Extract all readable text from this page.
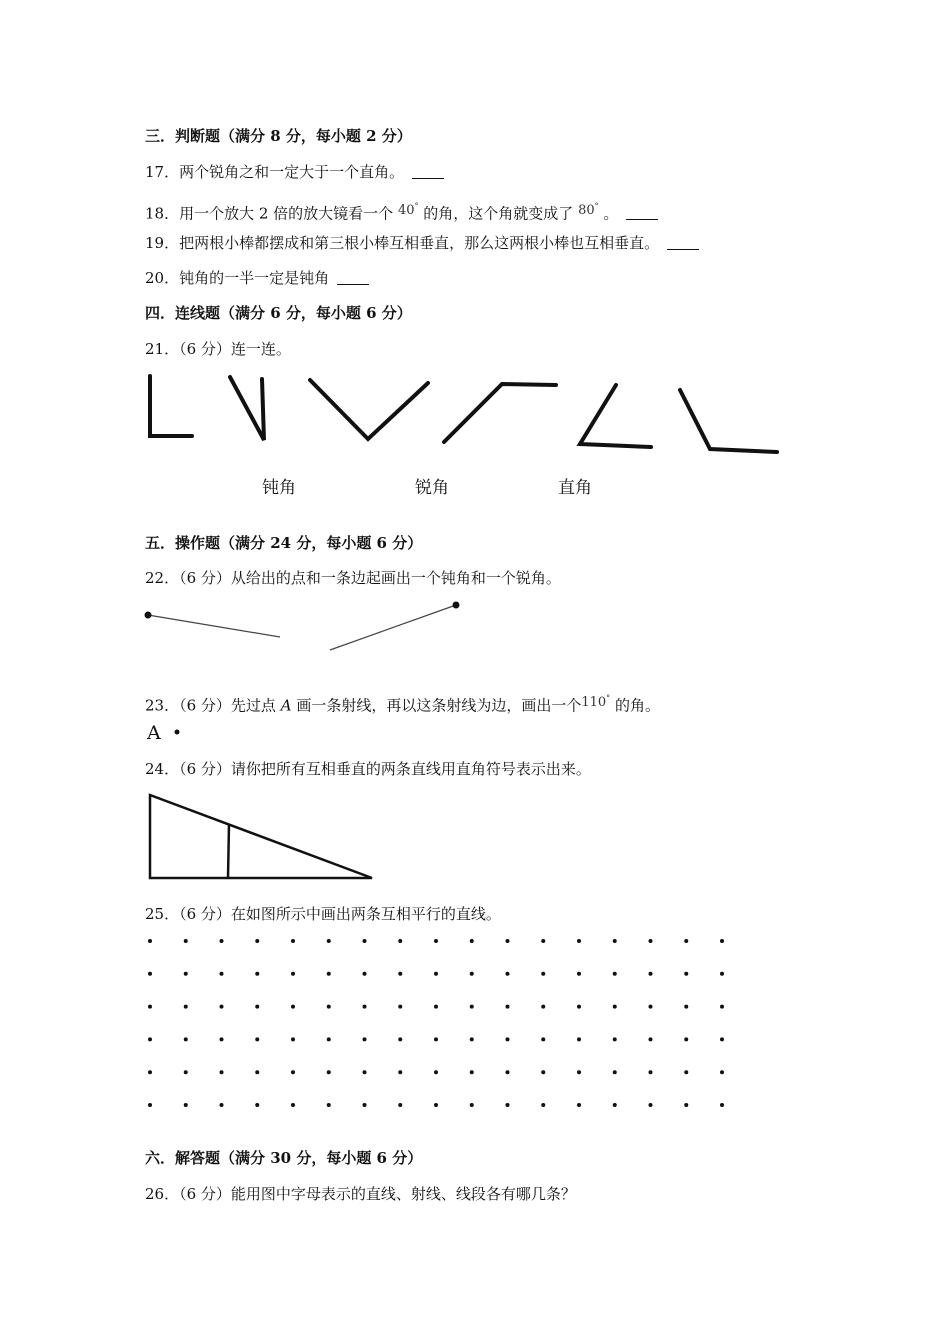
三．判断题（满分 8 分，每小题 2 分）
17．两个锐角之和一定大于一个直角。
18．用一个放大 2 倍的放大镜看一个 40° 的角，这个角就变成了 80° 。
19．把两根小棒都摆成和第三根小棒互相垂直，那么这两根小棒也互相垂直。
20．钝角的一半一定是钝角
四．连线题（满分 6 分，每小题 6 分）
21．（6 分）连一连。
钝角	锐角	直角
五．操作题（满分 24 分，每小题 6 分）
22．（6 分）从给出的点和一条边起画出一个钝角和一个锐角。
23．（6 分）先过点 A 画一条射线，再以这条射线为边，画出一个110° 的角。
A
24．（6 分）请你把所有互相垂直的两条直线用直角符号表示出来。
25．（6 分）在如图所示中画出两条互相平行的直线。
六．解答题（满分 30 分，每小题 6 分）
26．（6 分）能用图中字母表示的直线、射线、线段各有哪几条？
